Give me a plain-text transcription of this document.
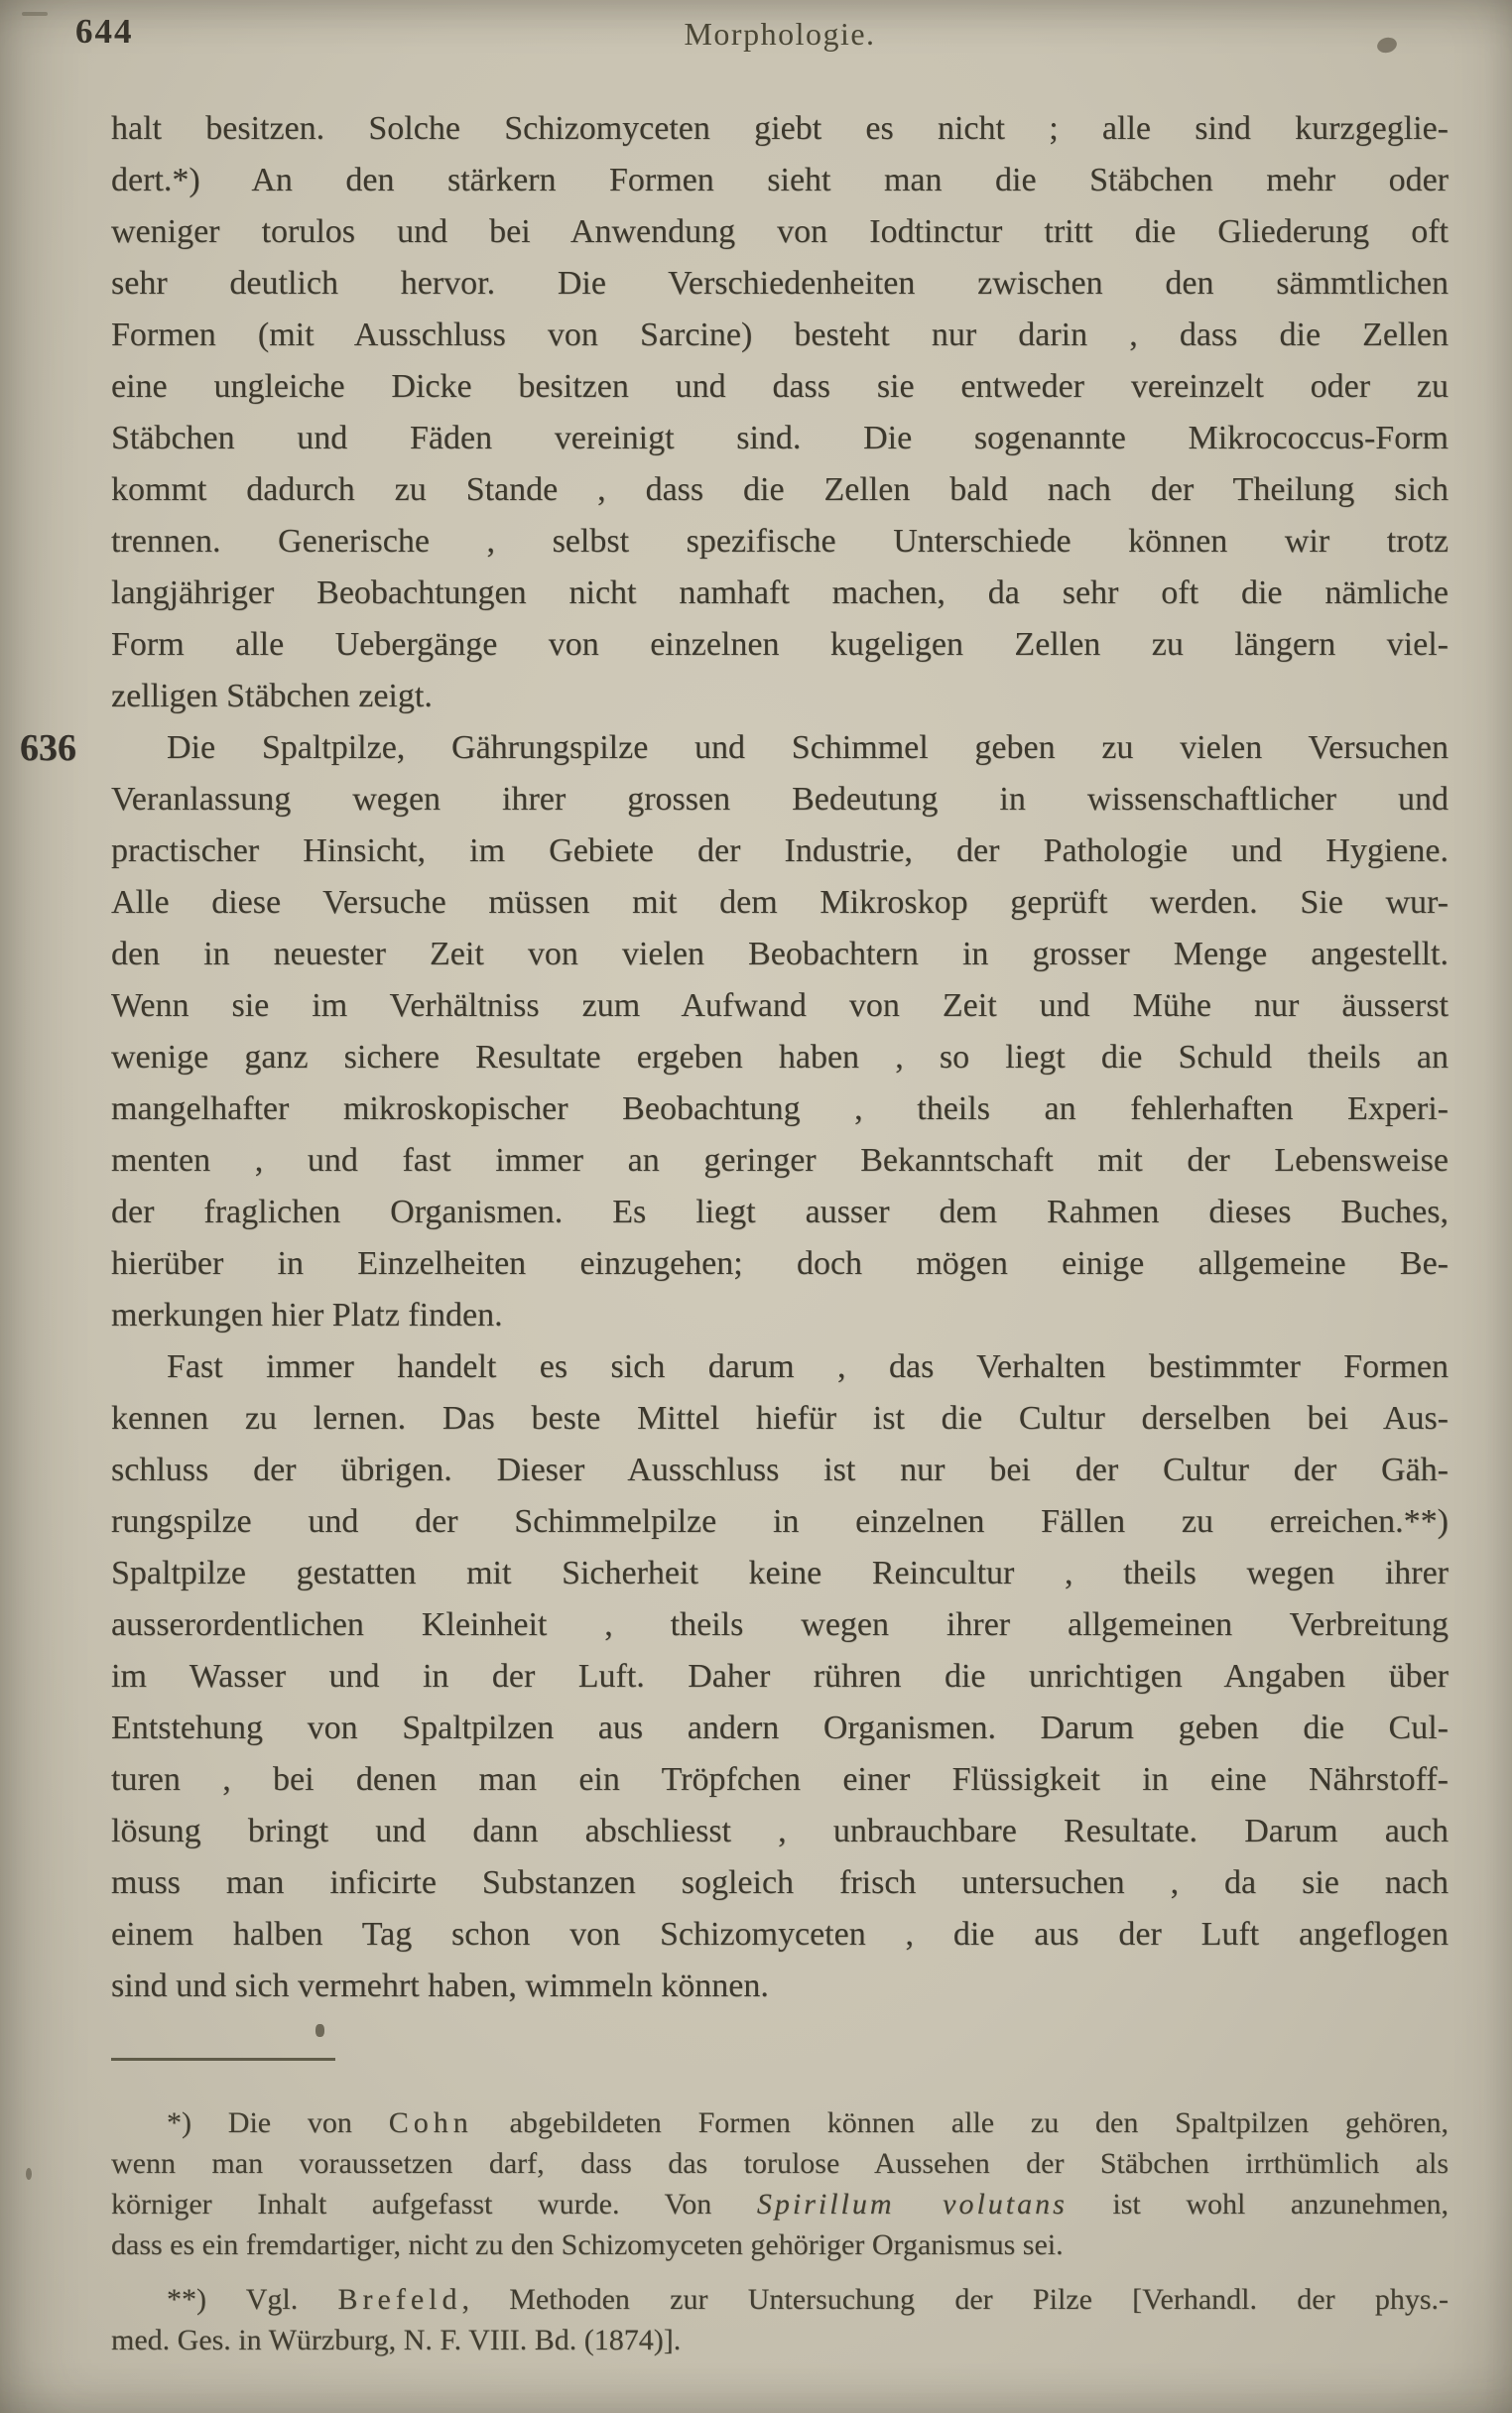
644	Morphologie.
halt besitzen. Solche Schizomyceten giebt es nicht ; alle sind kurzgeglie-
dert.*) An den stärkern Formen sieht man die Stäbchen mehr oder
weniger torulos und bei Anwendung von Iodtinctur tritt die Gliederung oft
sehr deutlich hervor. Die Verschiedenheiten zwischen den sämmtlichen
Formen (mit Ausschluss von Sarcine) besteht nur darin , dass die Zellen
eine ungleiche Dicke besitzen und dass sie entweder vereinzelt oder zu
Stäbchen und Fäden vereinigt sind. Die sogenannte Mikrococcus-Form
kommt dadurch zu Stande , dass die Zellen bald nach der Theilung sich
trennen. Generische , selbst spezifische Unterschiede können wir trotz
langjähriger Beobachtungen nicht namhaft machen, da sehr oft die nämliche
Form alle Uebergänge von einzelnen kugeligen Zellen zu längern viel-
zelligen Stäbchen zeigt.
636	Die Spaltpilze, Gährungspilze und Schimmel geben zu vielen Versuchen
Veranlassung wegen ihrer grossen Bedeutung in wissenschaftlicher und
practischer Hinsicht, im Gebiete der Industrie, der Pathologie und Hygiene.
Alle diese Versuche müssen mit dem Mikroskop geprüft werden. Sie wur-
den in neuester Zeit von vielen Beobachtern in grosser Menge angestellt.
Wenn sie im Verhältniss zum Aufwand von Zeit und Mühe nur äusserst
wenige ganz sichere Resultate ergeben haben , so liegt die Schuld theils an
mangelhafter mikroskopischer Beobachtung , theils an fehlerhaften Experi-
menten , und fast immer an geringer Bekanntschaft mit der Lebensweise
der fraglichen Organismen. Es liegt ausser dem Rahmen dieses Buches,
hierüber in Einzelheiten einzugehen; doch mögen einige allgemeine Be-
merkungen hier Platz finden.
Fast immer handelt es sich darum , das Verhalten bestimmter Formen
kennen zu lernen. Das beste Mittel hiefür ist die Cultur derselben bei Aus-
schluss der übrigen. Dieser Ausschluss ist nur bei der Cultur der Gäh-
rungspilze und der Schimmelpilze in einzelnen Fällen zu erreichen.**)
Spaltpilze gestatten mit Sicherheit keine Reincultur , theils wegen ihrer
ausserordentlichen Kleinheit , theils wegen ihrer allgemeinen Verbreitung
im Wasser und in der Luft. Daher rühren die unrichtigen Angaben über
Entstehung von Spaltpilzen aus andern Organismen. Darum geben die Cul-
turen , bei denen man ein Tröpfchen einer Flüssigkeit in eine Nährstoff-
lösung bringt und dann abschliesst , unbrauchbare Resultate. Darum auch
muss man inficirte Substanzen sogleich frisch untersuchen , da sie nach
einem halben Tag schon von Schizomyceten , die aus der Luft angeflogen
sind und sich vermehrt haben, wimmeln können.
*) Die von Cohn abgebildeten Formen können alle zu den Spaltpilzen gehören,
wenn man voraussetzen darf, dass das torulose Aussehen der Stäbchen irrthümlich als
körniger Inhalt aufgefasst wurde. Von Spirillum volutans ist wohl anzunehmen,
dass es ein fremdartiger, nicht zu den Schizomyceten gehöriger Organismus sei.
**) Vgl. Brefeld, Methoden zur Untersuchung der Pilze [Verhandl. der phys.-
med. Ges. in Würzburg, N. F. VIII. Bd. (1874)].
